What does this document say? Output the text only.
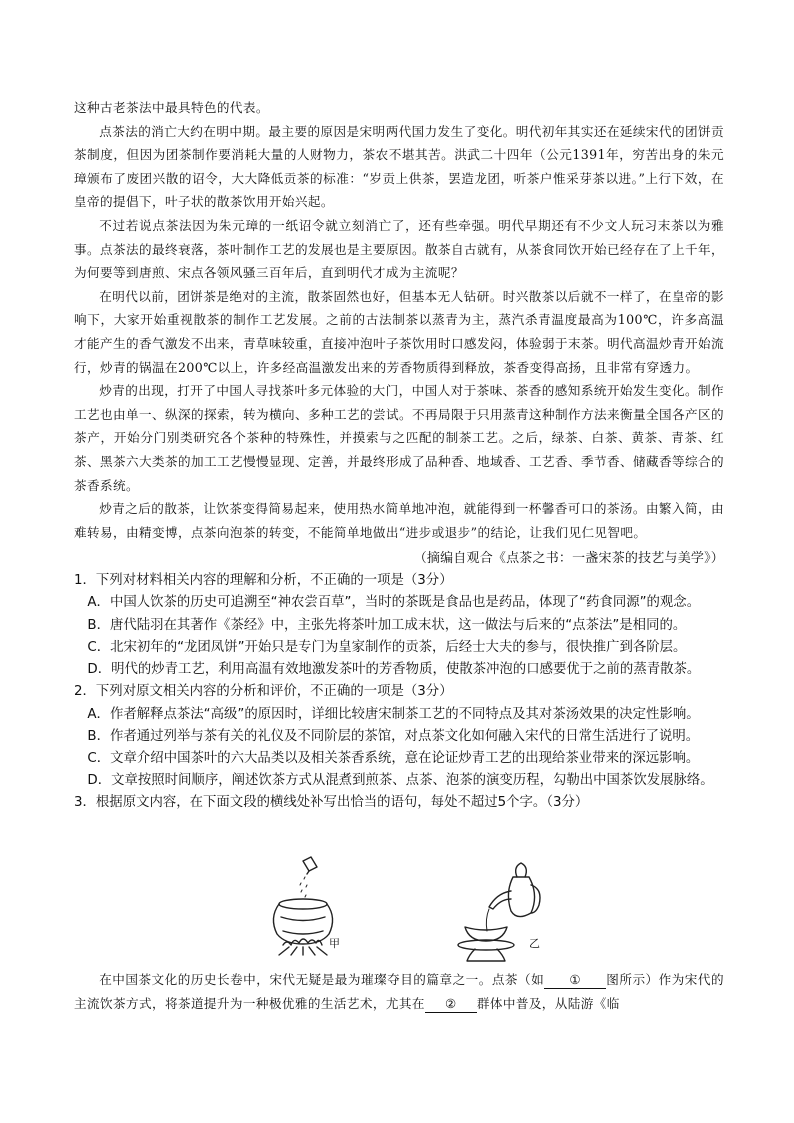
这种古老茶法中最具特色的代表。

点茶法的消亡大约在明中期。最主要的原因是宋明两代国力发生了变化。明代初年其实还在延续宋代的团饼贡茶制度，但因为团茶制作要消耗大量的人财物力，茶农不堪其苦。洪武二十四年（公元1391年，穷苦出身的朱元璋颁布了废团兴散的诏令，大大降低贡茶的标准：“岁贡上供茶，罢造龙团，听茶户惟采芽茶以进。”上行下效，在皇帝的提倡下，叶子状的散茶饮用开始兴起。

不过若说点茶法因为朱元璋的一纸诏令就立刻消亡了，还有些牵强。明代早期还有不少文人玩习末茶以为雅事。点茶法的最终衰落，茶叶制作工艺的发展也是主要原因。散茶自古就有，从茶食同饮开始已经存在了上千年，为何要等到唐煎、宋点各领风骚三百年后，直到明代才成为主流呢？

在明代以前，团饼茶是绝对的主流，散茶固然也好，但基本无人钻研。时兴散茶以后就不一样了，在皇帝的影响下，大家开始重视散茶的制作工艺发展。之前的古法制茶以蒸青为主，蒸汽杀青温度最高为100℃，许多高温才能产生的香气激发不出来，青草味较重，直接冲泡叶子茶饮用时口感发闷，体验弱于末茶。明代高温炒青开始流行，炒青的锅温在200℃以上，许多经高温激发出来的芳香物质得到释放，茶香变得高扬，且非常有穿透力。

炒青的出现，打开了中国人寻找茶叶多元体验的大门，中国人对于茶味、茶香的感知系统开始发生变化。制作工艺也由单一、纵深的探索，转为横向、多种工艺的尝试。不再局限于只用蒸青这种制作方法来衡量全国各产区的茶产，开始分门别类研究各个茶种的特殊性，并摸索与之匹配的制茶工艺。之后，绿茶、白茶、黄茶、青茶、红茶、黑茶六大类茶的加工工艺慢慢显现、定善，并最终形成了品种香、地域香、工艺香、季节香、储藏香等综合的茶香系统。

炒青之后的散茶，让饮茶变得简易起来，使用热水简单地冲泡，就能得到一杯馨香可口的茶汤。由繁入简，由难转易，由精变博，点茶向泡茶的转变，不能简单地做出“进步或退步”的结论，让我们见仁见智吧。

（摘编自观合《点茶之书：一盏宋茶的技艺与美学》）

1．下列对材料相关内容的理解和分析，不正确的一项是（3分）

A．中国人饮茶的历史可追溯至“神农尝百草”，当时的茶既是食品也是药品，体现了“药食同源”的观念。

B．唐代陆羽在其著作《茶经》中，主张先将茶叶加工成末状，这一做法与后来的“点茶法”是相同的。

C．北宋初年的“龙团凤饼”开始只是专门为皇家制作的贡茶，后经士大夫的参与，很快推广到各阶层。

D．明代的炒青工艺，利用高温有效地激发茶叶的芳香物质，使散茶冲泡的口感要优于之前的蒸青散茶。

2．下列对原文相关内容的分析和评价，不正确的一项是（3分）

A．作者解释点茶法“高级”的原因时，详细比较唐宋制茶工艺的不同特点及其对茶汤效果的决定性影响。

B．作者通过列举与茶有关的礼仪及不同阶层的茶馆，对点茶文化如何融入宋代的日常生活进行了说明。

C．文章介绍中国茶叶的六大品类以及相关茶香系统，意在论证炒青工艺的出现给茶业带来的深远影响。

D．文章按照时间顺序，阐述饮茶方式从混煮到煎茶、点茶、泡茶的演变历程，勾勒出中国茶饮发展脉络。

3．根据原文内容，在下面文段的横线处补写出恰当的语句，每处不超过5个字。（3分）

甲	乙

在中国茶文化的历史长卷中，宋代无疑是最为璀璨夺目的篇章之一。点茶（如 ① 图所示）作为宋代的主流饮茶方式，将茶道提升为一种极优雅的生活艺术，尤其在 ② 群体中普及，从陆游《临
